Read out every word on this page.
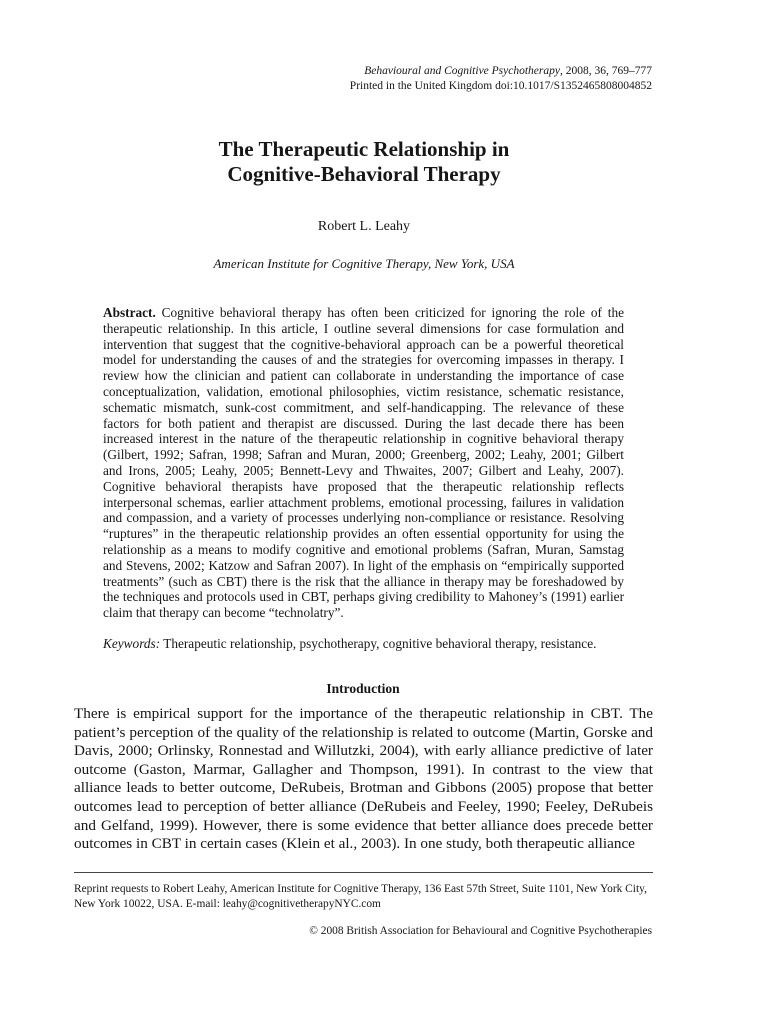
Behavioural and Cognitive Psychotherapy, 2008, 36, 769–777
Printed in the United Kingdom doi:10.1017/S1352465808004852
The Therapeutic Relationship in
Cognitive-Behavioral Therapy
Robert L. Leahy
American Institute for Cognitive Therapy, New York, USA
Abstract. Cognitive behavioral therapy has often been criticized for ignoring the role of the therapeutic relationship. In this article, I outline several dimensions for case formulation and intervention that suggest that the cognitive-behavioral approach can be a powerful theoretical model for understanding the causes of and the strategies for overcoming impasses in therapy. I review how the clinician and patient can collaborate in understanding the importance of case conceptualization, validation, emotional philosophies, victim resistance, schematic resistance, schematic mismatch, sunk-cost commitment, and self-handicapping. The relevance of these factors for both patient and therapist are discussed. During the last decade there has been increased interest in the nature of the therapeutic relationship in cognitive behavioral therapy (Gilbert, 1992; Safran, 1998; Safran and Muran, 2000; Greenberg, 2002; Leahy, 2001; Gilbert and Irons, 2005; Leahy, 2005; Bennett-Levy and Thwaites, 2007; Gilbert and Leahy, 2007). Cognitive behavioral therapists have proposed that the therapeutic relationship reflects interpersonal schemas, earlier attachment problems, emotional processing, failures in validation and compassion, and a variety of processes underlying non-compliance or resistance. Resolving “ruptures” in the therapeutic relationship provides an often essential opportunity for using the relationship as a means to modify cognitive and emotional problems (Safran, Muran, Samstag and Stevens, 2002; Katzow and Safran 2007). In light of the emphasis on “empirically supported treatments” (such as CBT) there is the risk that the alliance in therapy may be foreshadowed by the techniques and protocols used in CBT, perhaps giving credibility to Mahoney’s (1991) earlier claim that therapy can become “technolatry”.
Keywords: Therapeutic relationship, psychotherapy, cognitive behavioral therapy, resistance.
Introduction
There is empirical support for the importance of the therapeutic relationship in CBT. The patient’s perception of the quality of the relationship is related to outcome (Martin, Gorske and Davis, 2000; Orlinsky, Ronnestad and Willutzki, 2004), with early alliance predictive of later outcome (Gaston, Marmar, Gallagher and Thompson, 1991). In contrast to the view that alliance leads to better outcome, DeRubeis, Brotman and Gibbons (2005) propose that better outcomes lead to perception of better alliance (DeRubeis and Feeley, 1990; Feeley, DeRubeis and Gelfand, 1999). However, there is some evidence that better alliance does precede better outcomes in CBT in certain cases (Klein et al., 2003). In one study, both therapeutic alliance
Reprint requests to Robert Leahy, American Institute for Cognitive Therapy, 136 East 57th Street, Suite 1101, New York City, New York 10022, USA. E-mail: leahy@cognitivetherapyNYC.com
© 2008 British Association for Behavioural and Cognitive Psychotherapies
